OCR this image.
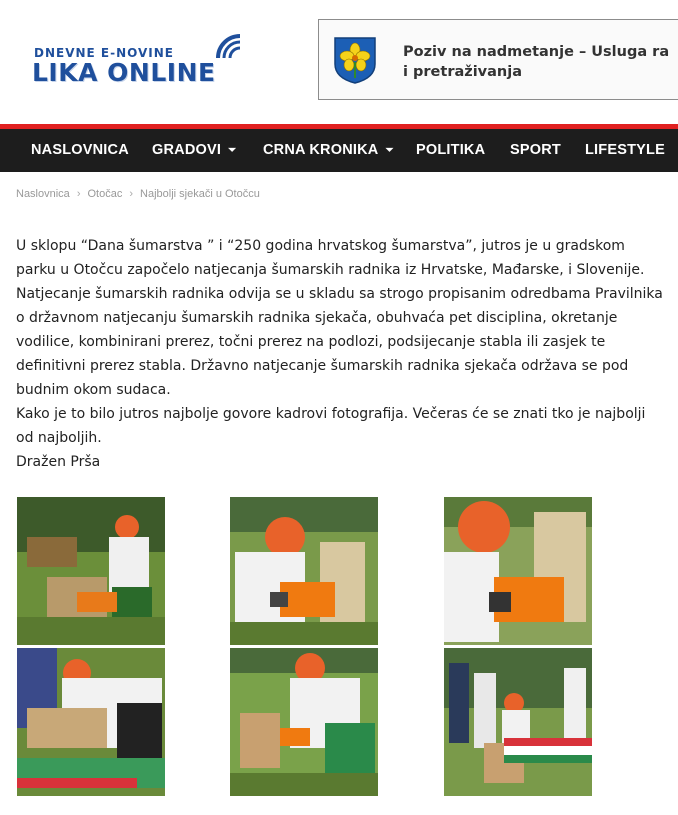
DNEVNE E-NOVINE
LIKA ONLINE
Poziv na nadmetanje – Usluga ra
i pretraživanja
NASLOVNICA GRADOVI ⏷ CRNA KRONIKA ⏷ POLITIKA SPORT LIFESTYLE
Naslovnica › Otočac › Najbolji sjekači u Otočcu

U sklopu “Dana šumarstva ” i “250 godina hrvatskog šumarstva”, jutros je u gradskom parku u Otočcu započelo natjecanja šumarskih radnika iz Hrvatske, Mađarske, i Slovenije. Natjecanje šumarskih radnika odvija se u skladu sa strogo propisanim odredbama Pravilnika o državnom natjecanju šumarskih radnika sjekača, obuhvaća pet disciplina, okretanje vodilice, kombinirani prerez, točni prerez na podlozi, podsijecanje stabla ili zasjek te definitivni prerez stabla. Državno natjecanje šumarskih radnika sjekača održava se pod budnim okom sudaca.

Kako je to bilo jutros najbolje govore kadrovi fotografija. Večeras će se znati tko je najbolji od najboljih.

Dražen Prša
